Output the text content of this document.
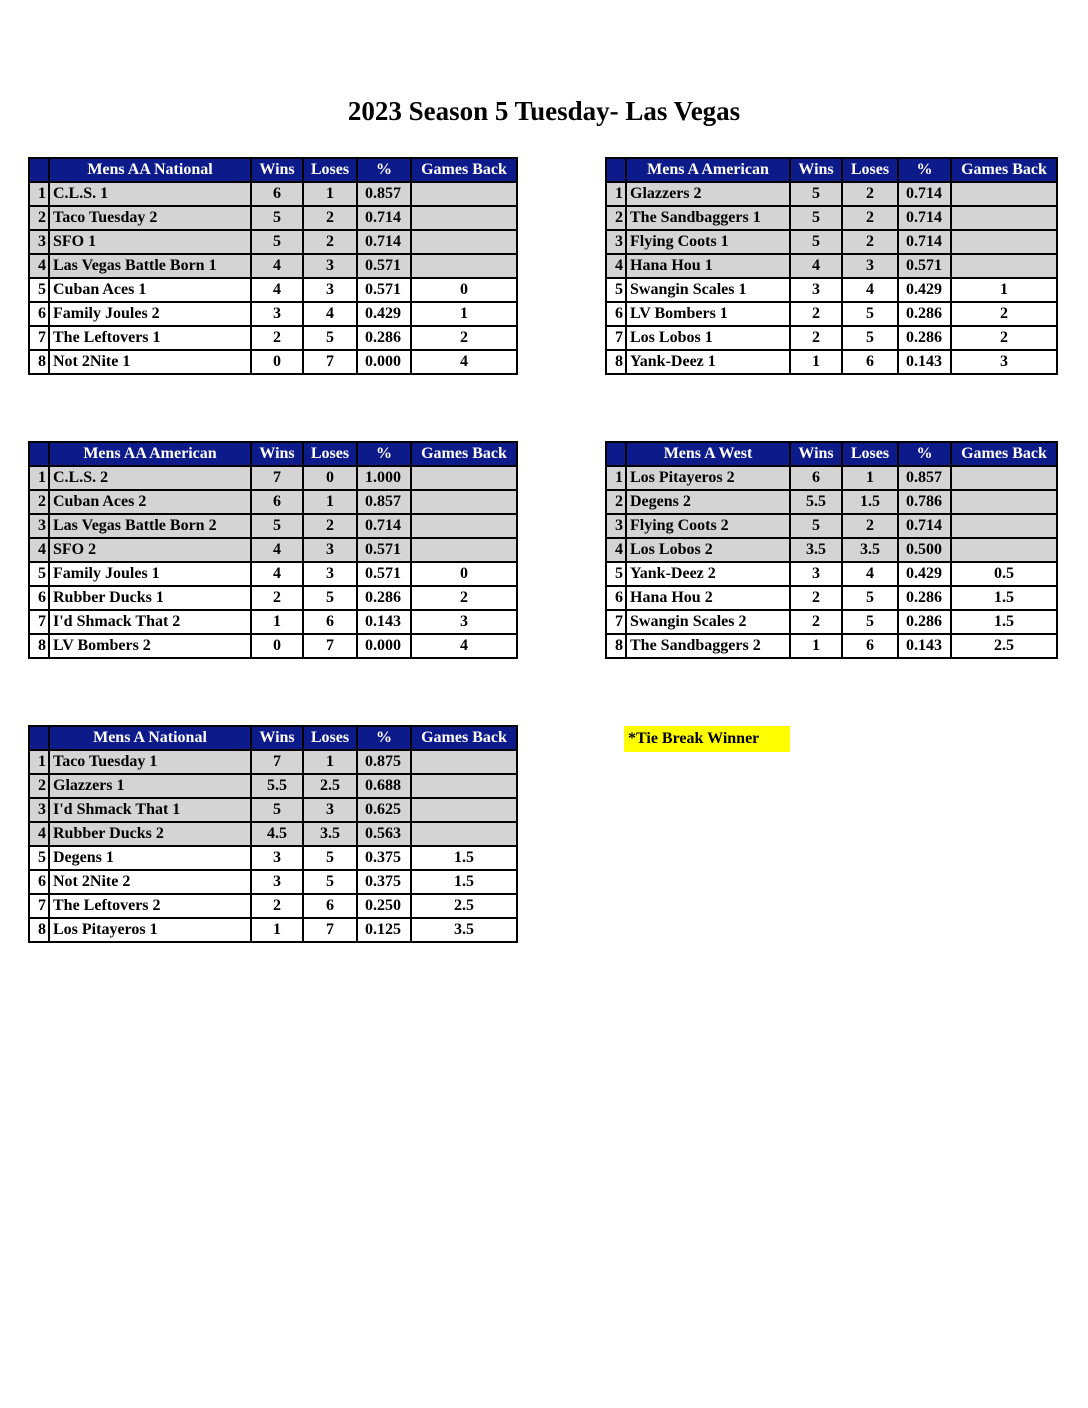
2023 Season 5 Tuesday- Las Vegas
	Mens AA National	Wins	Loses	%	Games Back
1	C.L.S. 1	6	1	0.857	
2	Taco Tuesday 2	5	2	0.714	
3	SFO 1	5	2	0.714	
4	Las Vegas Battle Born 1	4	3	0.571	
5	Cuban Aces 1	4	3	0.571	0
6	Family Joules 2	3	4	0.429	1
7	The Leftovers 1	2	5	0.286	2
8	Not 2Nite 1	0	7	0.000	4
	Mens A American	Wins	Loses	%	Games Back
1	Glazzers 2	5	2	0.714	
2	The Sandbaggers 1	5	2	0.714	
3	Flying Coots 1	5	2	0.714	
4	Hana Hou 1	4	3	0.571	
5	Swangin Scales 1	3	4	0.429	1
6	LV Bombers 1	2	5	0.286	2
7	Los Lobos 1	2	5	0.286	2
8	Yank-Deez 1	1	6	0.143	3
	Mens AA American	Wins	Loses	%	Games Back
1	C.L.S. 2	7	0	1.000	
2	Cuban Aces 2	6	1	0.857	
3	Las Vegas Battle Born 2	5	2	0.714	
4	SFO 2	4	3	0.571	
5	Family Joules 1	4	3	0.571	0
6	Rubber Ducks 1	2	5	0.286	2
7	I'd Shmack That 2	1	6	0.143	3
8	LV Bombers 2	0	7	0.000	4
	Mens A West	Wins	Loses	%	Games Back
1	Los Pitayeros 2	6	1	0.857	
2	Degens 2	5.5	1.5	0.786	
3	Flying Coots 2	5	2	0.714	
4	Los Lobos 2	3.5	3.5	0.500	
5	Yank-Deez 2	3	4	0.429	0.5
6	Hana Hou 2	2	5	0.286	1.5
7	Swangin Scales 2	2	5	0.286	1.5
8	The Sandbaggers 2	1	6	0.143	2.5
	Mens A National	Wins	Loses	%	Games Back
1	Taco Tuesday 1	7	1	0.875	
2	Glazzers 1	5.5	2.5	0.688	
3	I'd Shmack That 1	5	3	0.625	
4	Rubber Ducks 2	4.5	3.5	0.563	
5	Degens 1	3	5	0.375	1.5
6	Not 2Nite 2	3	5	0.375	1.5
7	The Leftovers 2	2	6	0.250	2.5
8	Los Pitayeros 1	1	7	0.125	3.5
*Tie Break Winner
